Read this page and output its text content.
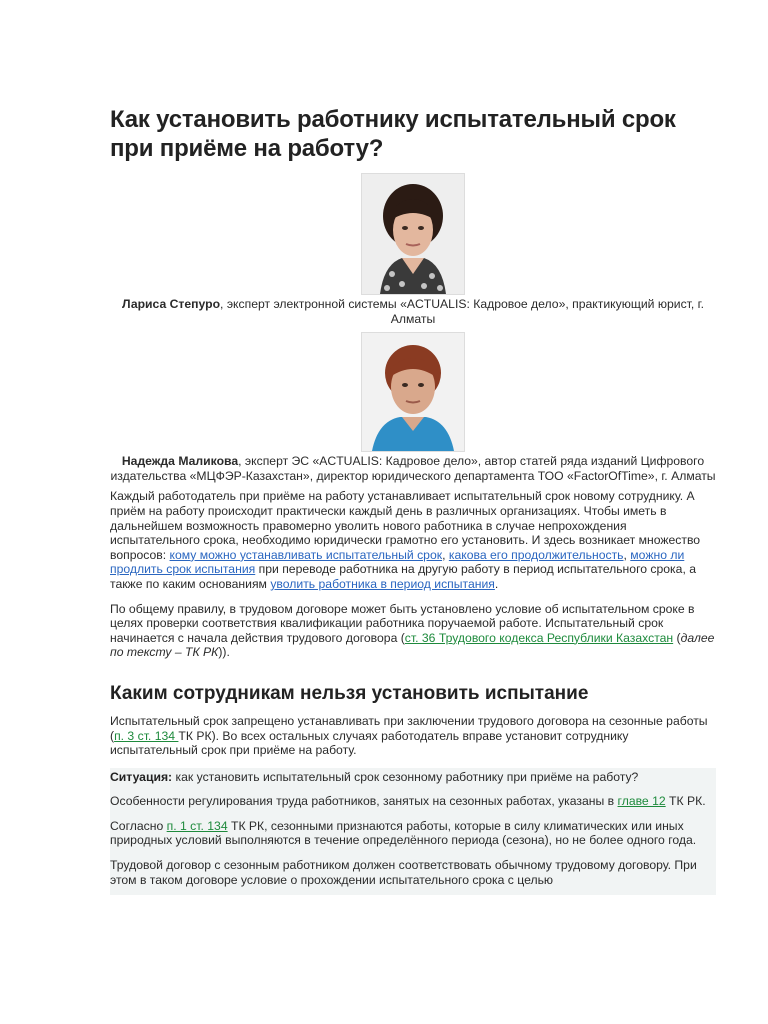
Как установить работнику испытательный срок при приёме на работу?
Лариса Степуро, эксперт электронной системы «ACTUALIS: Кадровое дело», практикующий юрист, г. Алматы
Надежда Маликова, эксперт ЭС «ACTUALIS: Кадровое дело», автор статей ряда изданий Цифрового издательства «МЦФЭР-Казахстан», директор юридического департамента ТОО «FactorOfTime», г. Алматы

Каждый работодатель при приёме на работу устанавливает испытательный срок новому сотруднику. А приём на работу происходит практически каждый день в различных организациях. Чтобы иметь в дальнейшем возможность правомерно уволить нового работника в случае непрохождения испытательного срока, необходимо юридически грамотно его установить. И здесь возникает множество вопросов: кому можно устанавливать испытательный срок, какова его продолжительность, можно ли продлить срок испытания при переводе работника на другую работу в период испытательного срока, а также по каким основаниям уволить работника в период испытания.

По общему правилу, в трудовом договоре может быть установлено условие об испытательном сроке в целях проверки соответствия квалификации работника поручаемой работе. Испытательный срок начинается с начала действия трудового договора (ст. 36 Трудового кодекса Республики Казахстан (далее по тексту – ТК РК)).

Каким сотрудникам нельзя установить испытание

Испытательный срок запрещено устанавливать при заключении трудового договора на сезонные работы (п. 3 ст. 134 ТК РК). Во всех остальных случаях работодатель вправе установит сотруднику испытательный срок при приёме на работу.

Ситуация: как установить испытательный срок сезонному работнику при приёме на работу?

Особенности регулирования труда работников, занятых на сезонных работах, указаны в главе 12 ТК РК.

Согласно п. 1 ст. 134 ТК РК, сезонными признаются работы, которые в силу климатических или иных природных условий выполняются в течение определённого периода (сезона), но не более одного года.

Трудовой договор с сезонным работником должен соответствовать обычному трудовому договору. При этом в таком договоре условие о прохождении испытательного срока с целью
